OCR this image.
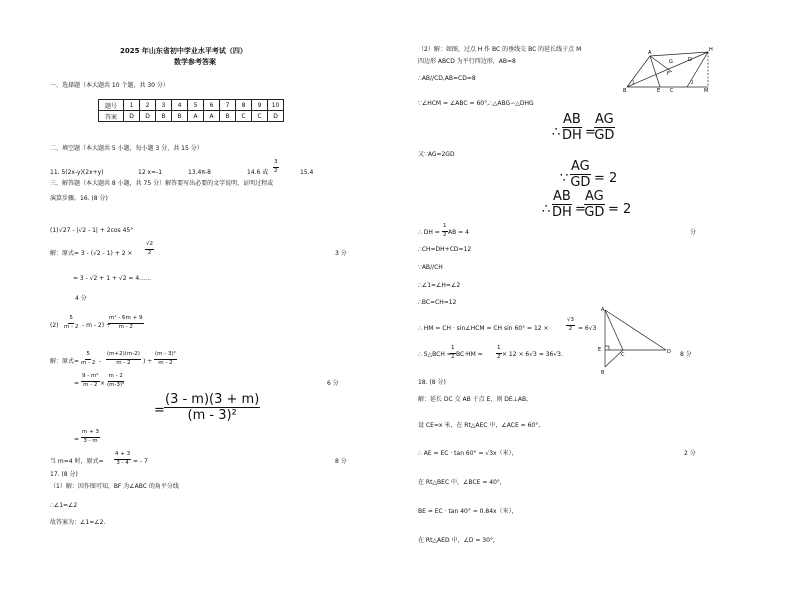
2025 年山东省初中学业水平考试（四）
数学参考答案
一、选择题（本大题共 10 个题，共 30 分）
题号	1	2	3	4	5	6	7	8	9	10
答案	D	D	B	B	A	A	B	C	C	D
二、填空题（本大题共 5 小题，每小题 3 分，共 15 分）
11. 5(2x-y)(2x+y)	12 x=-1	13.4π-8	14.6 或 $\frac{3}{2}$	15.4
三、解答题（本大题共 8 小题，共 75 分）解答要写出必要的文字说明、证明过程或
演算步骤。16. (8 分)
(1) √27 - |√2 - 1| + 2cos 45°
解：原式= $3 - (√2 - 1) + 2 \times \frac{√2}{2}$	3 分
= 3 - √2 + 1 + √2 = 4……
4 分
$(2) \frac{5}{m - 2}$ - m - 2) ÷
$\frac{\text{m² - 6m + 9}}{m - 2}$
解：原式= $\frac{5}{m - 2} - \frac{(m+2)(m-2)}{m - 2}$ ) ÷ $\frac{\text{(m - 3)²}}{m - 2}$
= $\frac{\text{9 - m²}}{m - 2} \times \frac{m - 2}{\text{(m-3)²}}$	6 分
= $\frac{(3 - m)(3 + m)}{\text{(m - 3)²}}$
= $\frac{m + 3}{3 - m}$
当 m=4 时，原式= $\frac{4 + 3}{3 - 4}$ = - 7	8 分
17. (8 分)
（1）解：因作图可知，BF 为∠ABC 的角平分线
∴∠1=∠2
故答案为：∠1=∠2.
（2）解：如图，过点 H 作 BC 的垂线交 BC 的延长线于点 M
四边形 ABCD 为平行四边形，AB=8
∴AB//CD,AB=CD=8
∵∠HCM = ∠ABC = 60°,∴△ABG∽△DHG
A
B	E C	M
D
G
H
F
1	2
∴ $\frac{AB}{DH}$ =
$\frac{AG}{GD}$
又∵AG=2GD
∵ $\frac{AG}{GD} = 2$
∴ $\frac{AB}{DH}$ =
$\frac{AG}{GD} = 2$
∴ DH = $\frac{1}{2}$ AB = 4	分
∴CH=DH+CD=12
∵AB//CH
∴∠1=∠H=∠2
∴BC=CH=12
∴ HM = CH · sin∠HCM = CH sin 60° = 12 ×	$\frac{√3}{2} = 6√3$
∴ S△BCH =
$\frac{1}{2} BC\cdot HM = \frac{1}{2} \times 12 \times 6√3 = 36√3$.	8 分
A
E
C	D
B
18. (8 分)
解：延长 DC 交 AB 于点 E，则 DE⊥AB,
设 CE=x 米，在 Rt△AEC 中，∠ACE = 60°,
∴ AE = EC · tan 60° = √3x（米），	2 分
在 Rt△BEC 中，∠BCE = 40°,
BE = EC · tan 40° ≈ 0.84x（米），
在 Rt△AED 中，∠D = 30°,
